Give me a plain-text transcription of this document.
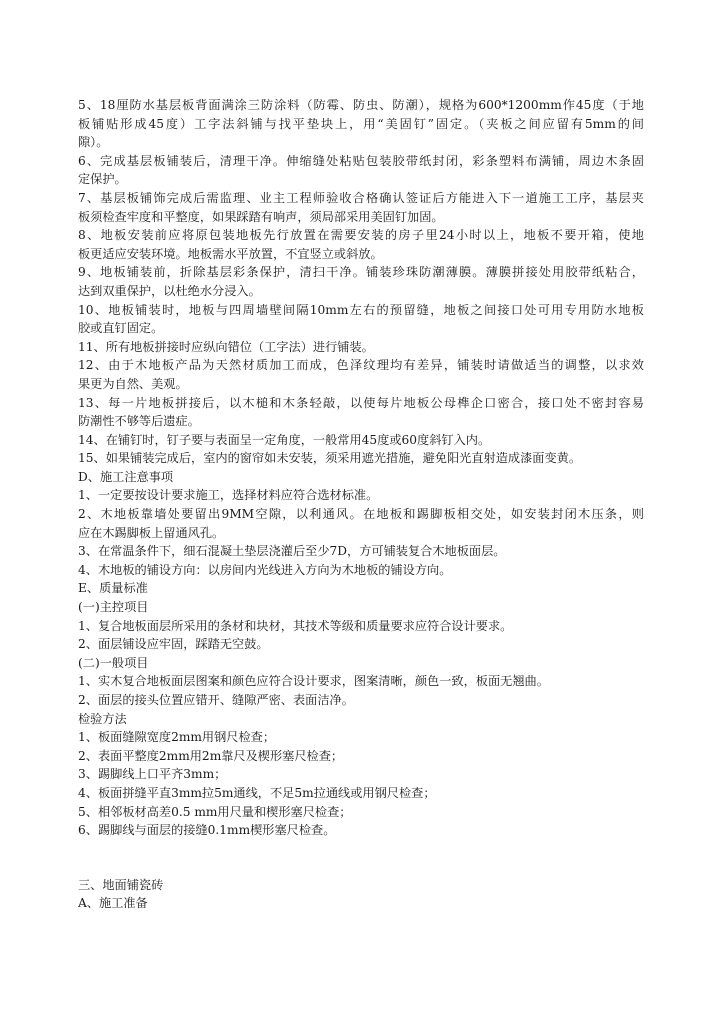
5、18厘防水基层板背面满涂三防涂料（防霉、防虫、防潮），规格为600*1200mm作45度（于地
板铺贴形成45度）工字法斜铺与找平垫块上，用“美固钉”固定。（夹板之间应留有5mm的间
隙）。
6、完成基层板铺装后，清理干净。伸缩缝处粘贴包装胶带纸封闭，彩条塑料布满铺，周边木条固
定保护。
7、基层板铺饰完成后需监理、业主工程师验收合格确认签证后方能进入下一道施工工序，基层夹
板须检查牢度和平整度，如果踩踏有响声，须局部采用美固钉加固。
8、地板安装前应将原包装地板先行放置在需要安装的房子里24小时以上，地板不要开箱，使地
板更适应安装环境。地板需水平放置，不宜竖立或斜放。
9、地板铺装前，折除基层彩条保护，清扫干净。铺装珍珠防潮薄膜。薄膜拼接处用胶带纸粘合，
达到双重保护，以杜绝水分浸入。
10、地板铺装时，地板与四周墙壁间隔10mm左右的预留缝，地板之间接口处可用专用防水地板
胶或直钉固定。
11、所有地板拼接时应纵向错位（工字法）进行铺装。
12、由于木地板产品为天然材质加工而成，色泽纹理均有差异，铺装时请做适当的调整，以求效
果更为自然、美观。
13、每一片地板拼接后，以木槌和木条轻敲，以使每片地板公母榫企口密合，接口处不密封容易
防潮性不够等后遗症。
14、在铺钉时，钉子要与表面呈一定角度，一般常用45度或60度斜钉入内。
15、如果铺装完成后，室内的窗帘如未安装，须采用遮光措施，避免阳光直射造成漆面变黄。
D、施工注意事项
1、一定要按设计要求施工，选择材料应符合选材标准。
2、木地板靠墙处要留出9MM空隙，以利通风。在地板和踢脚板相交处，如安装封闭木压条，则
应在木踢脚板上留通风孔。
3、在常温条件下，细石混凝土垫层浇灌后至少7D，方可铺装复合木地板面层。
4、木地板的铺设方向：以房间内光线进入方向为木地板的铺设方向。
E、质量标准
(一)主控项目
1、复合地板面层所采用的条材和块材，其技术等级和质量要求应符合设计要求。
2、面层铺设应牢固，踩踏无空鼓。
(二)一般项目
1、实木复合地板面层图案和颜色应符合设计要求，图案清晰，颜色一致，板面无翘曲。
2、面层的接头位置应错开、缝隙严密、表面洁净。
检验方法
1、板面缝隙宽度2mm用钢尺检查；
2、表面平整度2mm用2m靠尺及楔形塞尺检查；
3、踢脚线上口平齐3mm；
4、板面拼缝平直3mm拉5m通线，不足5m拉通线或用钢尺检查；
5、相邻板材高差0.5 mm用尺量和楔形塞尺检查；
6、踢脚线与面层的接缝0.1mm楔形塞尺检查。
三、地面铺瓷砖
A、施工准备
